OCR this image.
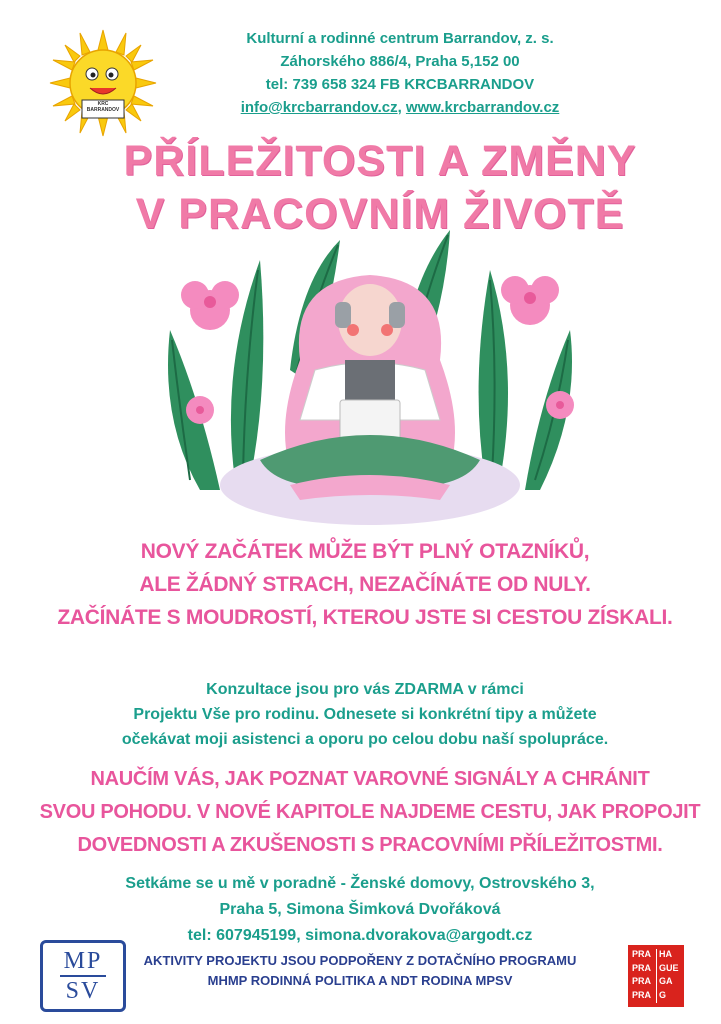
KRC
BARRANDOV
Kulturní a rodinné centrum Barrandov, z. s.
Záhorského 886/4, Praha 5,152 00
tel: 739 658 324 FB KRCBARRANDOV
info@krcbarrandov.cz, www.krcbarrandov.cz
PŘÍLEŽITOSTI A ZMĚNY
V PRACOVNÍM ŽIVOTĚ
NOVÝ ZAČÁTEK MŮŽE BÝT PLNÝ OTAZNÍKŮ,
ALE ŽÁDNÝ STRACH, NEZAČÍNÁTE OD NULY.
ZAČÍNÁTE S MOUDROSTÍ, KTEROU JSTE SI CESTOU ZÍSKALI.
Konzultace jsou pro vás ZDARMA v rámci
Projektu Vše pro rodinu. Odnesete si konkrétní tipy a můžete
očekávat moji asistenci a oporu po celou dobu naší spolupráce.
NAUČÍM VÁS, JAK POZNAT VAROVNÉ SIGNÁLY A CHRÁNIT
SVOU POHODU. V NOVÉ KAPITOLE NAJDEME CESTU, JAK PROPOJIT
DOVEDNOSTI A ZKUŠENOSTI S PRACOVNÍMI PŘÍLEŽITOSTMI.
Setkáme se u mě v poradně - Ženské domovy, Ostrovského 3,
Praha 5, Simona Šimková Dvořáková
tel: 607945199, simona.dvorakova@argodt.cz
MP
SV
AKTIVITY PROJEKTU JSOU PODPOŘENY Z DOTAČNÍHO PROGRAMU
MHMP RODINNÁ POLITIKA A NDT RODINA MPSV
PRA HA
PRA GUE
PRA GA
PRA G
